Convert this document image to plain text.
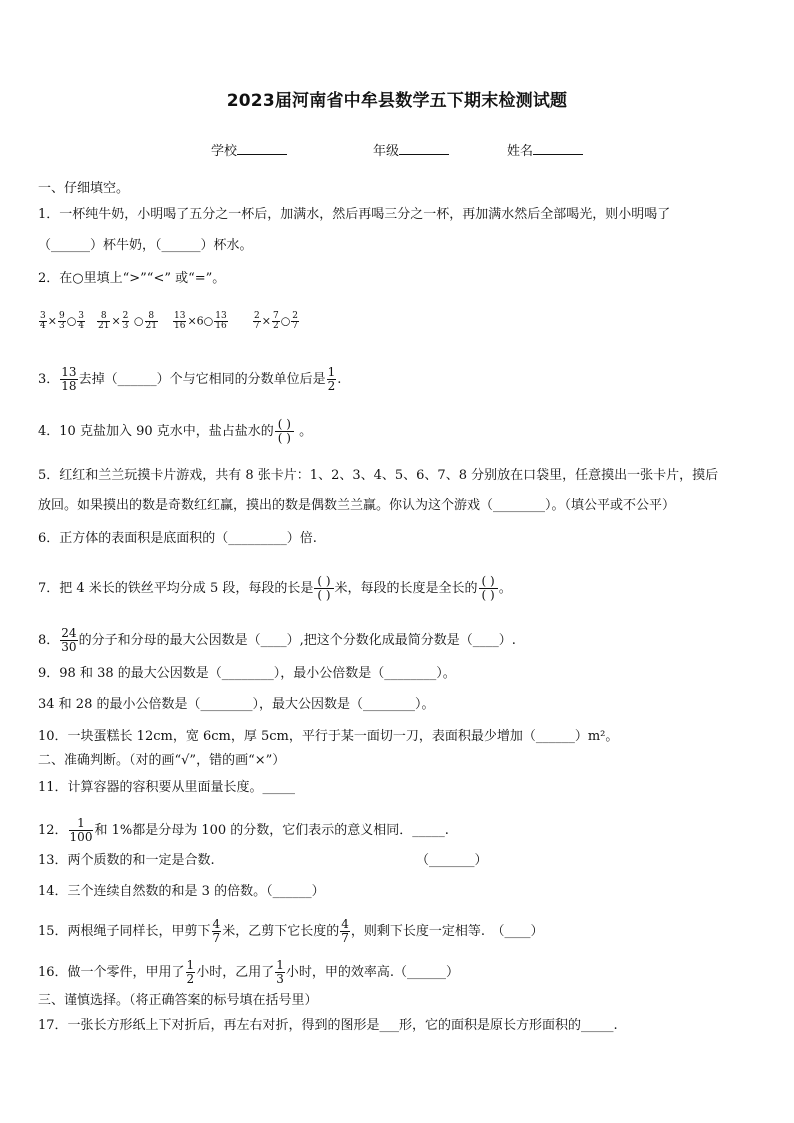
2023届河南省中牟县数学五下期末检测试题
学校	年级	姓名
一、仔细填空。
1．一杯纯牛奶，小明喝了五分之一杯后，加满水，然后再喝三分之一杯，再加满水然后全部喝光，则小明喝了
（______）杯牛奶，（______）杯水。
2．在○里填上“>”“<” 或“=”。
$\frac{3}{4} \times \frac{9}{3}$ ○ $\frac{3}{4} \frac{8}{21} \times \frac{2}{3}$ ○ $\frac{8}{21} \frac{13}{16}$ ×6○ $\frac{13}{16}$	$\frac{2}{7} \times \frac{7}{2}$ ○ $\frac{2}{7}$
3． $\frac{13}{18}$ 去掉（______）个与它相同的分数单位后是 $\frac{1}{2}$ .
4．10 克盐加入 90 克水中，盐占盐水的 ( )
( ) 。
5．红红和兰兰玩摸卡片游戏，共有 8 张卡片：1、2、3、4、5、6、7、8 分别放在口袋里，任意摸出一张卡片，摸后
放回。如果摸出的数是奇数红红赢，摸出的数是偶数兰兰赢。你认为这个游戏（________）。（填公平或不公平）
6．正方体的表面积是底面积的（_________）倍.
7．把 4 米长的铁丝平均分成 5 段，每段的长是 ( )
( ) 米，每段的长度是全长的 ( )
( ) 。
8． $\frac{24}{30}$ 的分子和分母的最大公因数是（____）,把这个分数化成最简分数是（____）.
9．98 和 38 的最大公因数是（________），最小公倍数是（________）。
34 和 28 的最小公倍数是（________），最大公因数是（________）。
10．一块蛋糕长 12cm，宽 6cm，厚 5cm，平行于某一面切一刀，表面积最少增加（______）m²。
二、准确判断。（对的画“√”，错的画“×”）
11．计算容器的容积要从里面量长度。_____
12． $\frac{1}{100}$ 和 1%都是分母为 100 的分数，它们表示的意义相同．_____.
13．两个质数的和一定是合数.	（_______）
14．三个连续自然数的和是 3 的倍数。（______）
15．两根绳子同样长，甲剪下 $\frac{4}{7}$ 米，乙剪下它长度的 $\frac{4}{7}$ ，则剩下长度一定相等.　（____）
16．做一个零件，甲用了 $\frac{1}{2}$ 小时，乙用了 $\frac{1}{3}$ 小时，甲的效率高.（______）
三、谨慎选择。（将正确答案的标号填在括号里）
17．一张长方形纸上下对折后，再左右对折，得到的图形是___形，它的面积是原长方形面积的_____.
